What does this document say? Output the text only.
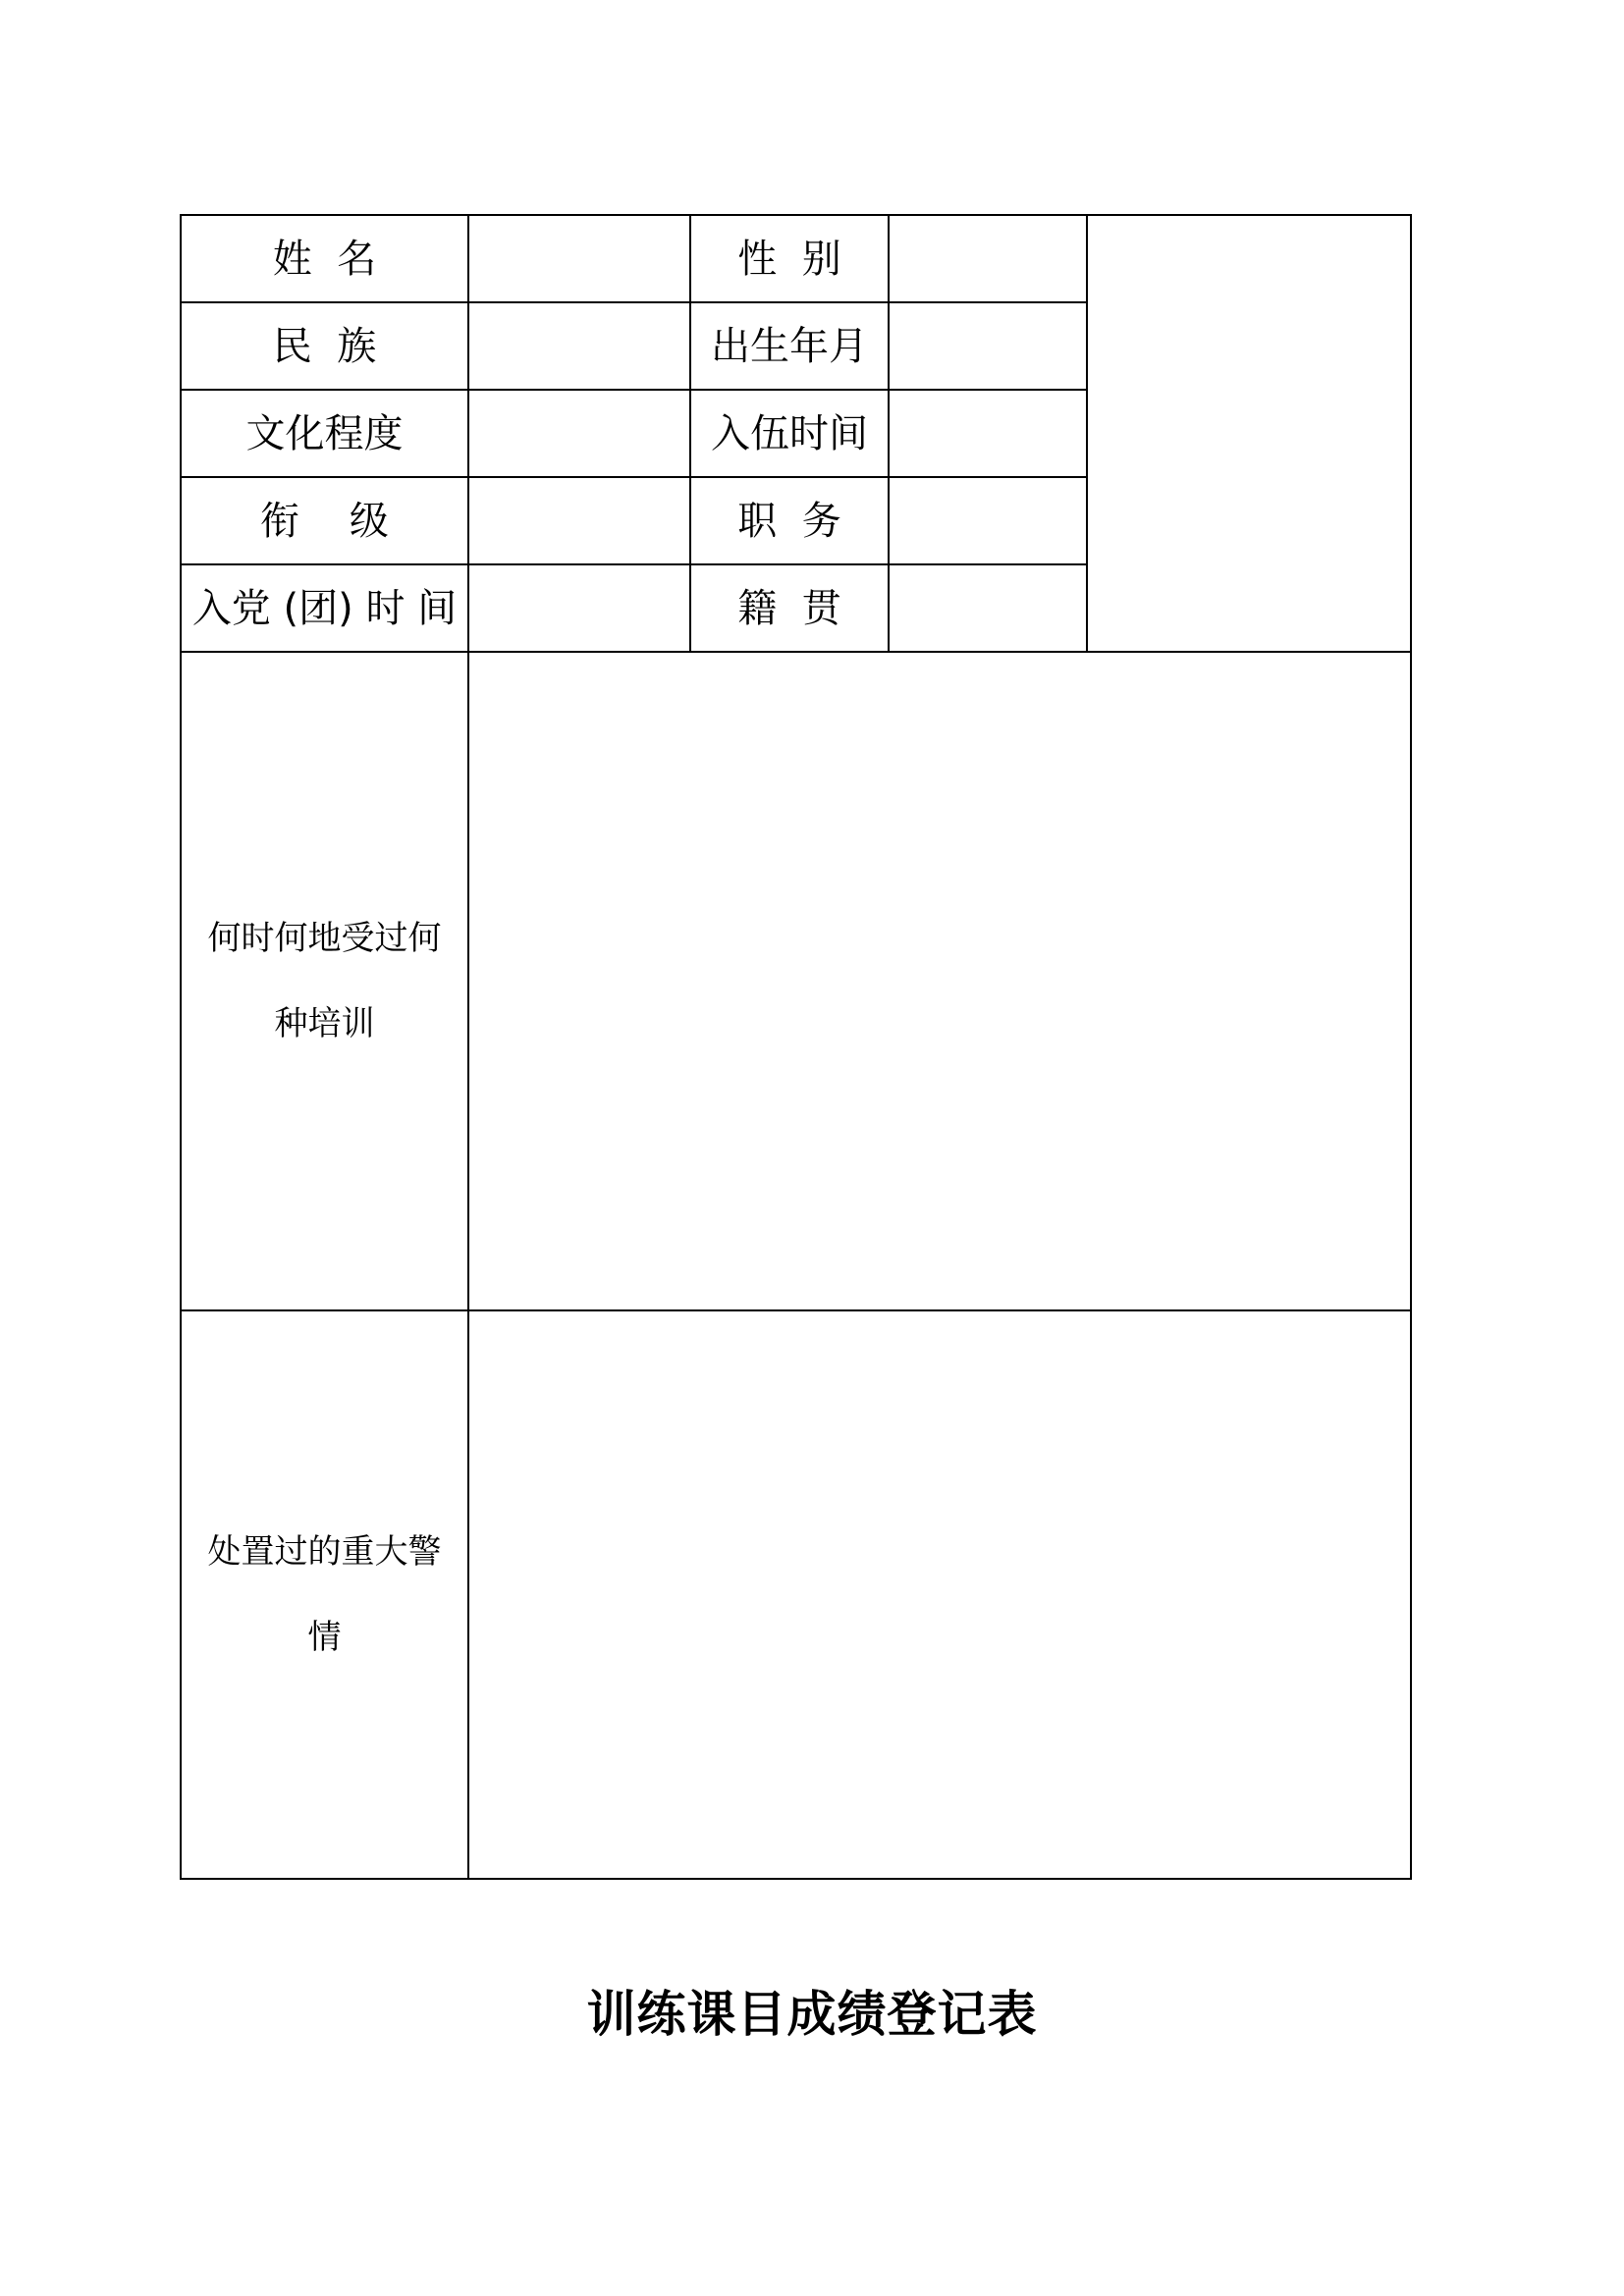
姓  名		性  别		
民  族		出生年月		
文化程度		入伍时间		
衔    级		职  务		
入党 (团) 时 间		籍  贯		

何时何地受过何
种培训				

处置过的重大警
情				

训练课目成绩登记表
